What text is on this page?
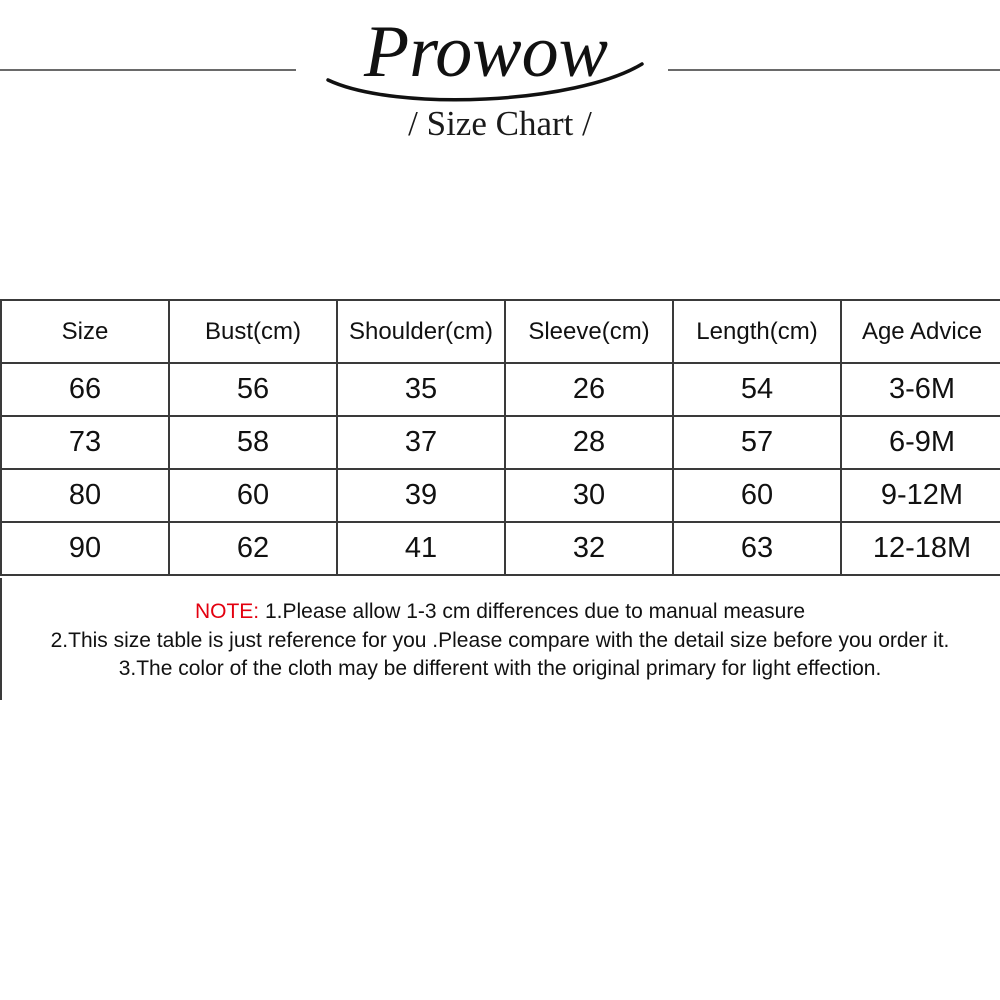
Prowow
/ Size Chart /
Size	Bust(cm)	Shoulder(cm)	Sleeve(cm)	Length(cm)	Age Advice
66	56	35	26	54	3-6M
73	58	37	28	57	6-9M
80	60	39	30	60	9-12M
90	62	41	32	63	12-18M
NOTE: 1.Please allow 1-3 cm differences due to manual measure
2.This size table is just reference for you .Please compare with the detail size before you order it.
3.The color of the cloth may be different with the original primary for light effection.
